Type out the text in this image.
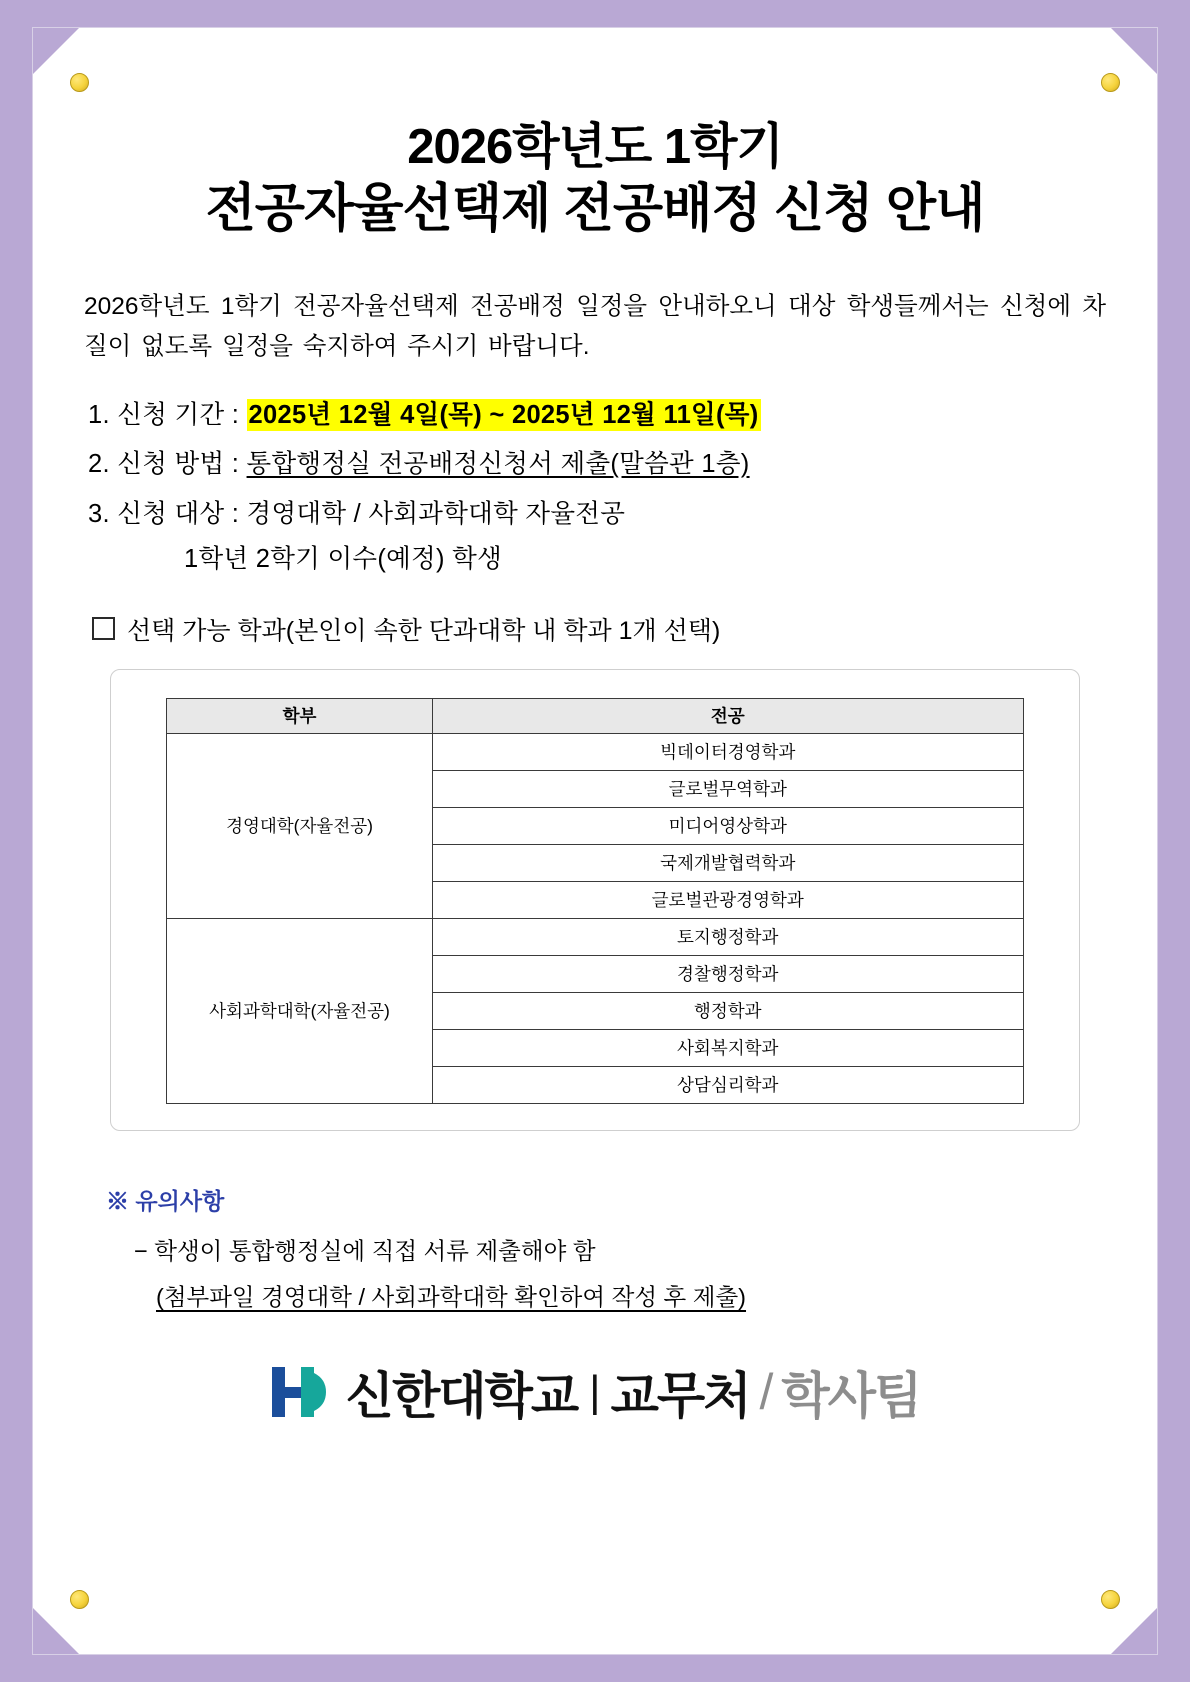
2026학년도 1학기
전공자율선택제 전공배정 신청 안내

2026학년도 1학기 전공자율선택제 전공배정 일정을 안내하오니 대상 학생들께서는 신청에 차질이 없도록 일정을 숙지하여 주시기 바랍니다.

1. 신청 기간 : 2025년 12월 4일(목) ~ 2025년 12월 11일(목)
2. 신청 방법 : 통합행정실 전공배정신청서 제출(말씀관 1층)
3. 신청 대상 : 경영대학 / 사회과학대학 자율전공
1학년 2학기 이수(예정) 학생
선택 가능 학과(본인이 속한 단과대학 내 학과 1개 선택)
학부	전공
경영대학(자율전공)	빅데이터경영학과
	글로벌무역학과
	미디어영상학과
	국제개발협력학과
	글로벌관광경영학과
사회과학대학(자율전공)	토지행정학과
	경찰행정학과
	행정학과
	사회복지학과
	상담심리학과
※ 유의사항
− 학생이 통합행정실에 직접 서류 제출해야 함
(첨부파일 경영대학 / 사회과학대학 확인하여 작성 후 제출)
신한대학교 | 교무처 / 학사팀
